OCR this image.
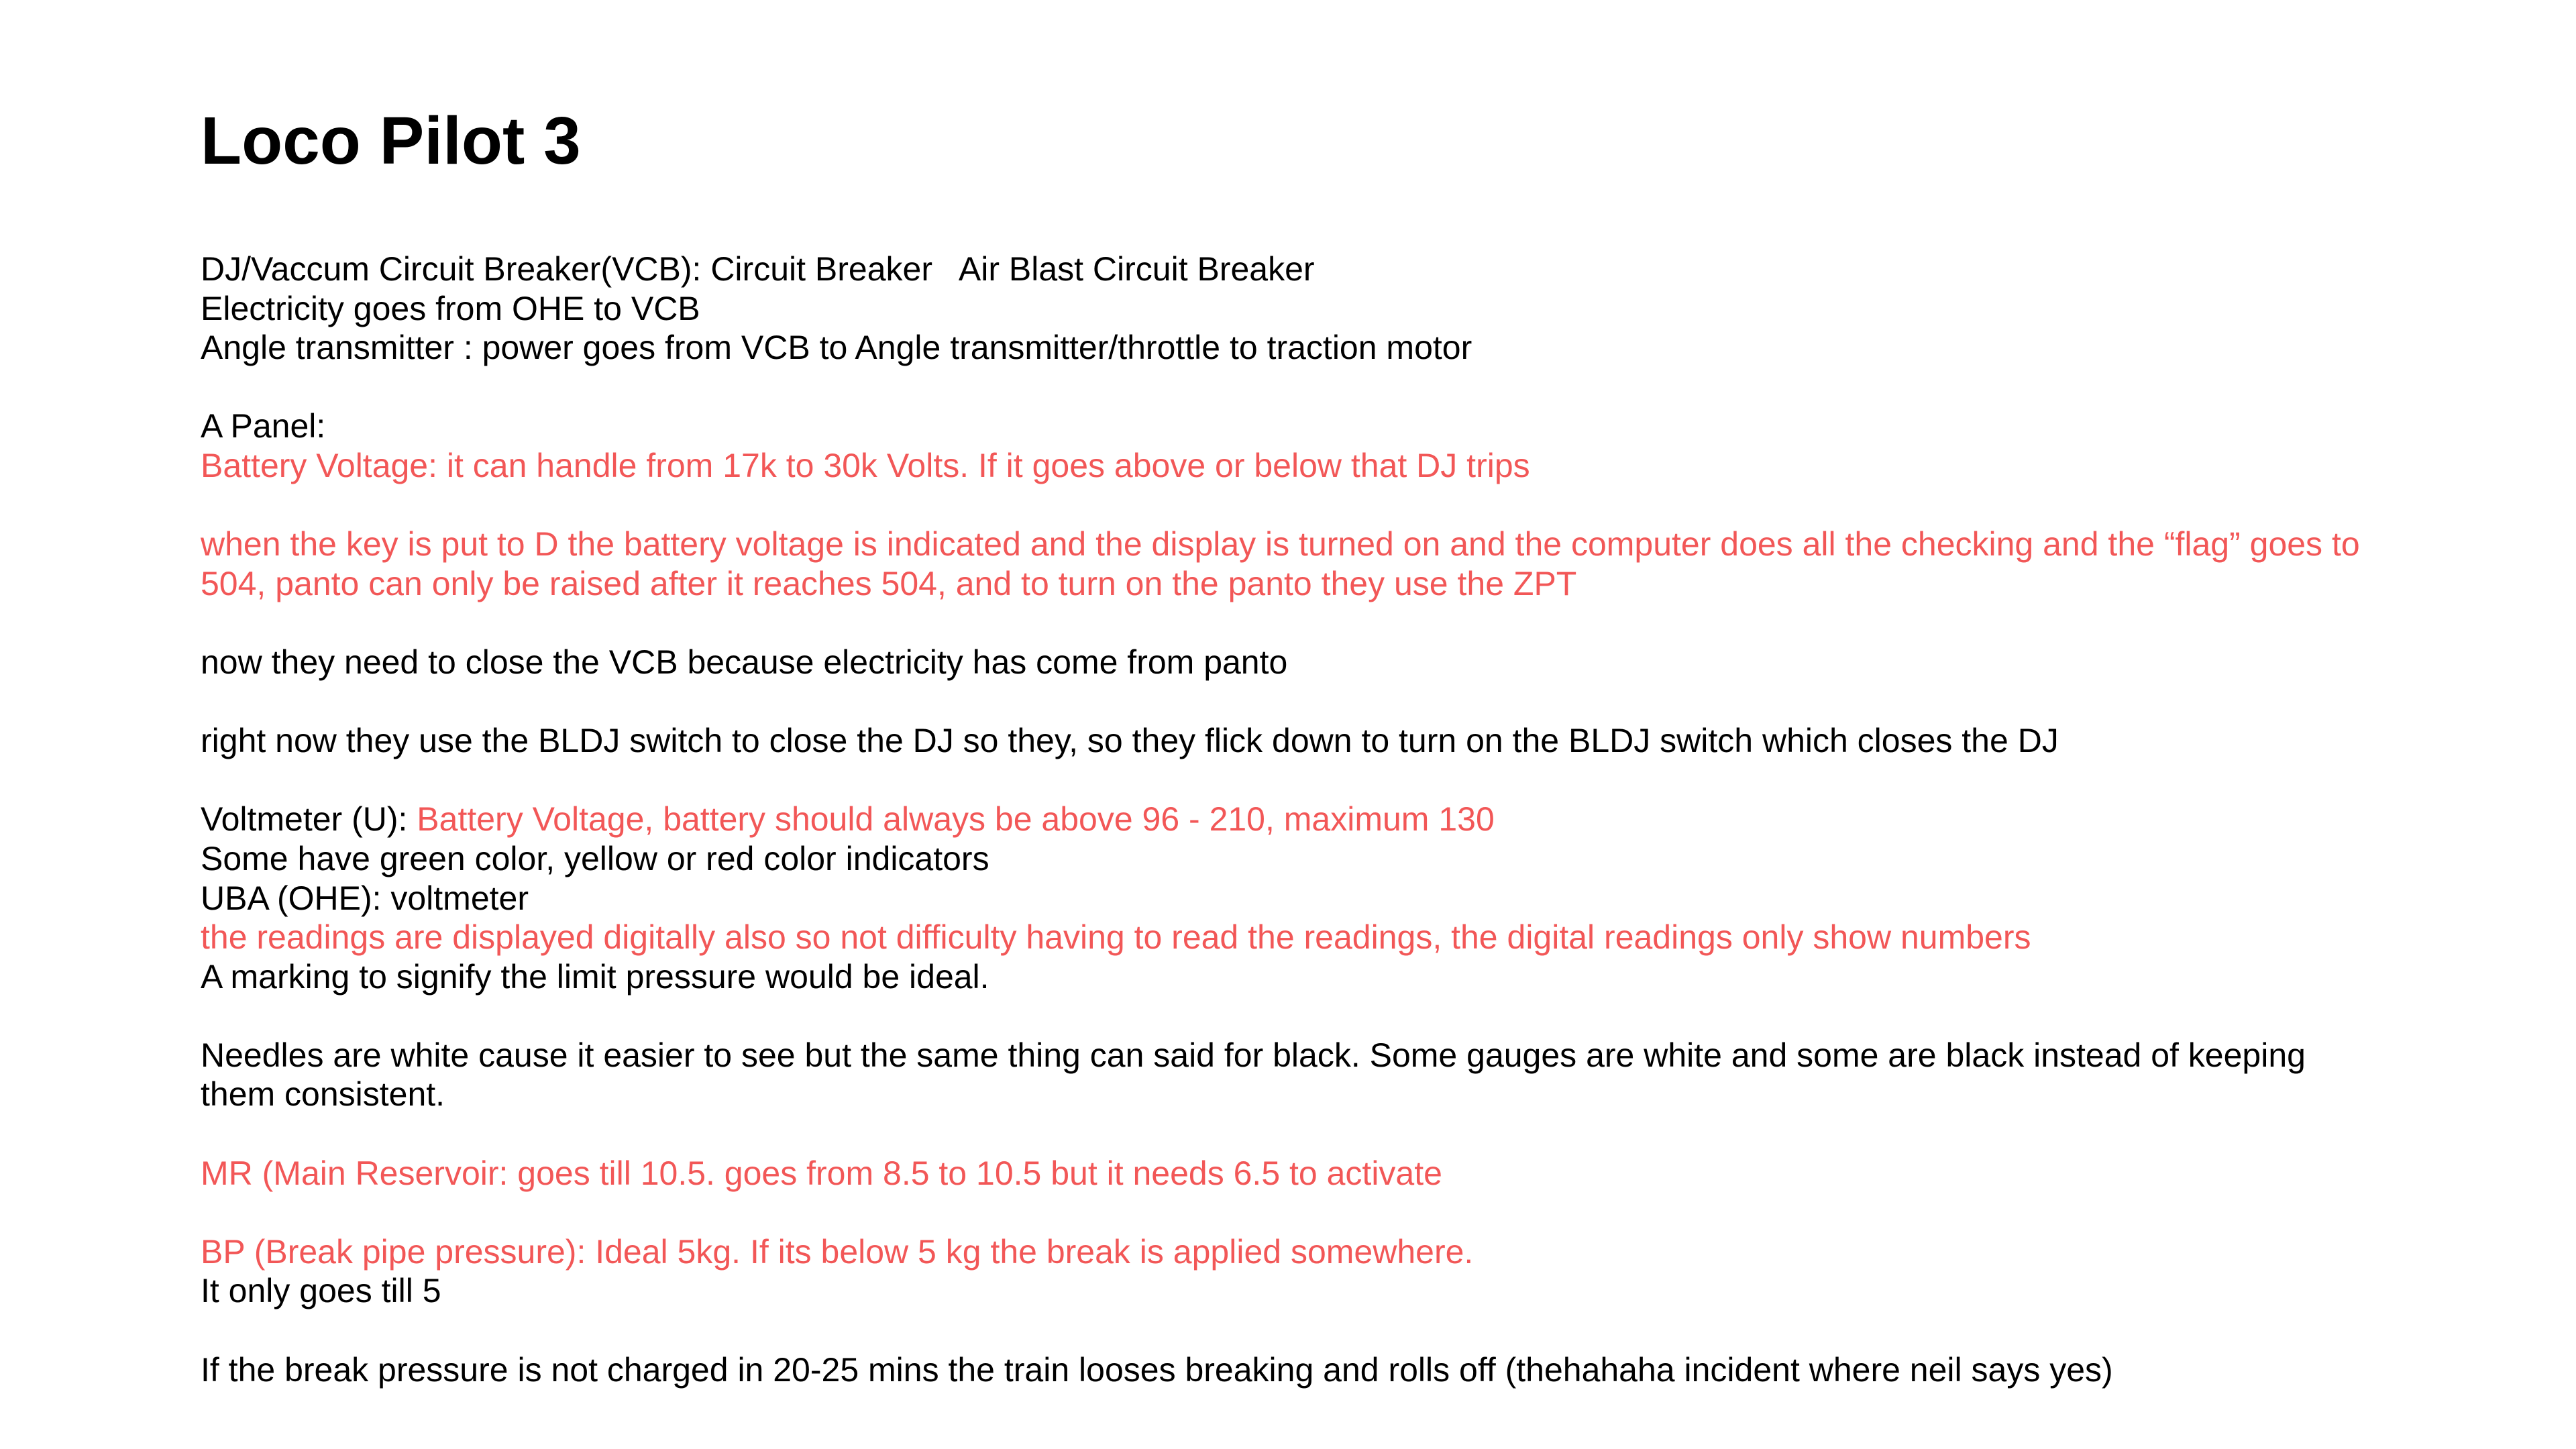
Loco Pilot 3
DJ/Vaccum Circuit Breaker(VCB): Circuit Breaker   Air Blast Circuit Breaker
Electricity goes from OHE to VCB
Angle transmitter : power goes from VCB to Angle transmitter/throttle to traction motor
A Panel:
Battery Voltage: it can handle from 17k to 30k Volts. If it goes above or below that DJ trips
when the key is put to D the battery voltage is indicated and the display is turned on and the computer does all the checking and the “flag” goes to 504, panto can only be raised after it reaches 504, and to turn on the panto they use the ZPT
now they need to close the VCB because electricity has come from panto
right now they use the BLDJ switch to close the DJ so they, so they flick down to turn on the BLDJ switch which closes the DJ
Voltmeter (U): Battery Voltage, battery should always be above 96 - 210, maximum 130
Some have green color, yellow or red color indicators
UBA (OHE): voltmeter
the readings are displayed digitally also so not difficulty having to read the readings, the digital readings only show numbers
A marking to signify the limit pressure would be ideal.
Needles are white cause it easier to see but the same thing can said for black. Some gauges are white and some are black instead of keeping them consistent.
MR (Main Reservoir: goes till 10.5. goes from 8.5 to 10.5 but it needs 6.5 to activate
BP (Break pipe pressure): Ideal 5kg. If its below 5 kg the break is applied somewhere.
It only goes till 5
If the break pressure is not charged in 20-25 mins the train looses breaking and rolls off (thehahaha incident where neil says yes)
